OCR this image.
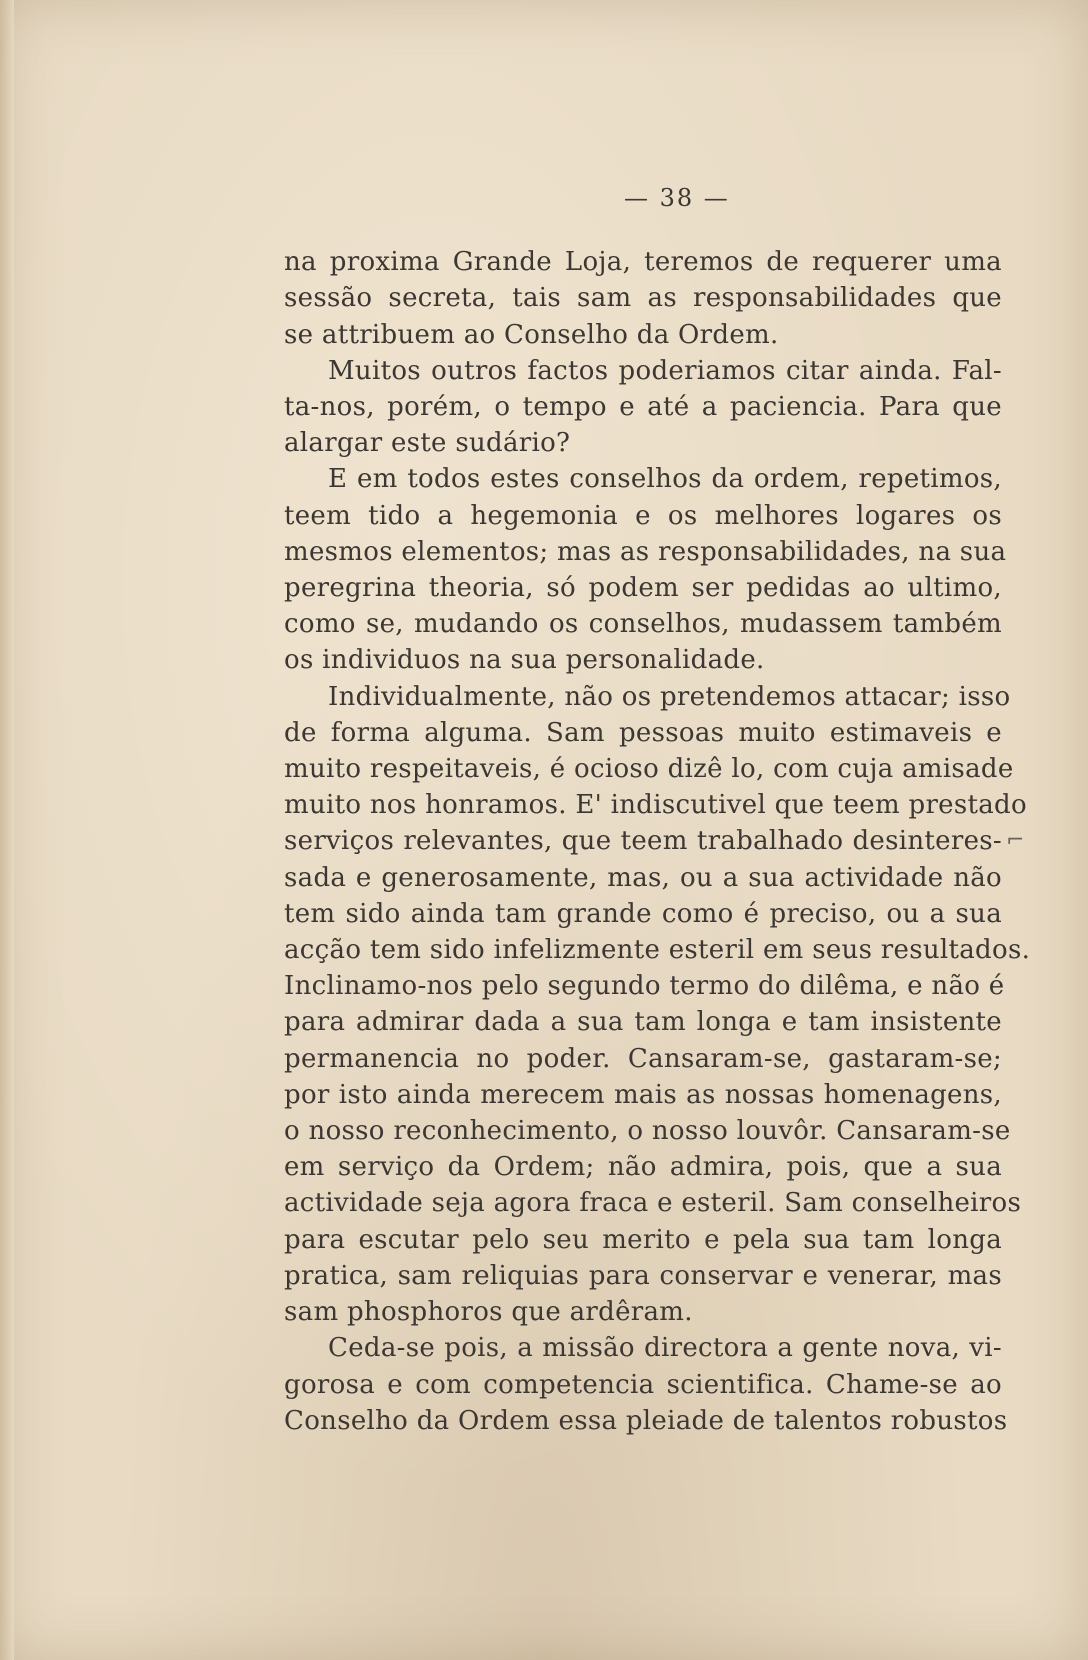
— 38 —
na proxima Grande Loja, teremos de requerer uma
sessão secreta, tais sam as responsabilidades que
se attribuem ao Conselho da Ordem.
Muitos outros factos poderiamos citar ainda. Fal-
ta-nos, porém, o tempo e até a paciencia. Para que
alargar este sudário?
E em todos estes conselhos da ordem, repetimos,
teem tido a hegemonia e os melhores logares os
mesmos elementos; mas as responsabilidades, na sua
peregrina theoria, só podem ser pedidas ao ultimo,
como se, mudando os conselhos, mudassem também
os individuos na sua personalidade.
Individualmente, não os pretendemos attacar; isso
de forma alguma. Sam pessoas muito estimaveis e
muito respeitaveis, é ocioso dizê lo, com cuja amisade
muito nos honramos. E' indiscutivel que teem prestado
serviços relevantes, que teem trabalhado desinteres-
sada e generosamente, mas, ou a sua actividade não
tem sido ainda tam grande como é preciso, ou a sua
acção tem sido infelizmente esteril em seus resultados.
Inclinamo-nos pelo segundo termo do dilêma, e não é
para admirar dada a sua tam longa e tam insistente
permanencia no poder. Cansaram-se, gastaram-se;
por isto ainda merecem mais as nossas homenagens,
o nosso reconhecimento, o nosso louvôr. Cansaram-se
em serviço da Ordem; não admira, pois, que a sua
actividade seja agora fraca e esteril. Sam conselheiros
para escutar pelo seu merito e pela sua tam longa
pratica, sam reliquias para conservar e venerar, mas
sam phosphoros que ardêram.
Ceda-se pois, a missão directora a gente nova, vi-
gorosa e com competencia scientifica. Chame-se ao
Conselho da Ordem essa pleiade de talentos robustos
⌐
